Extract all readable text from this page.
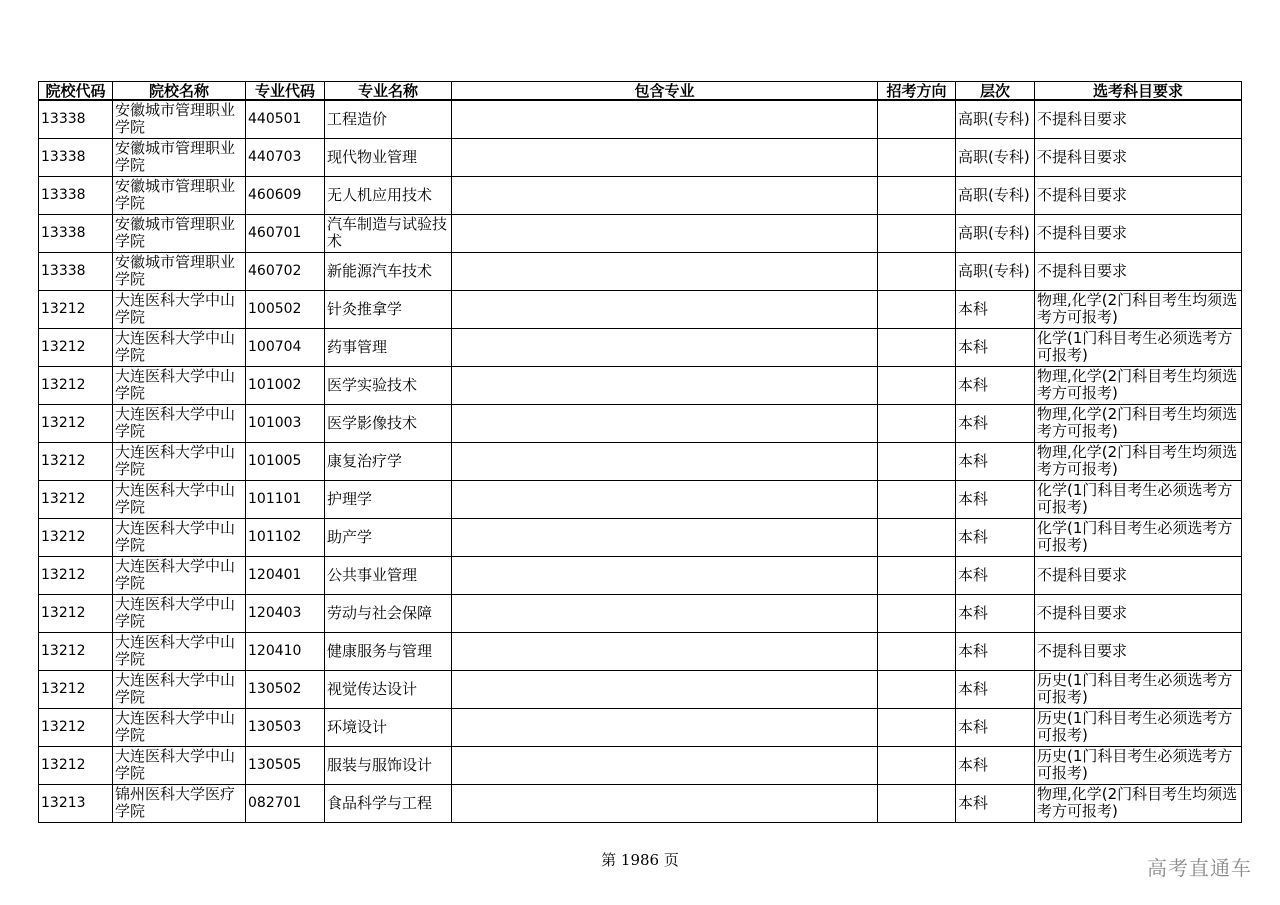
院校代码	院校名称	专业代码	专业名称	包含专业	招考方向	层次	选考科目要求
13338	安徽城市管理职业学院	440501	工程造价			高职(专科)	不提科目要求
13338	安徽城市管理职业学院	440703	现代物业管理			高职(专科)	不提科目要求
13338	安徽城市管理职业学院	460609	无人机应用技术			高职(专科)	不提科目要求
13338	安徽城市管理职业学院	460701	汽车制造与试验技术			高职(专科)	不提科目要求
13338	安徽城市管理职业学院	460702	新能源汽车技术			高职(专科)	不提科目要求
13212	大连医科大学中山学院	100502	针灸推拿学			本科	物理,化学(2门科目考生均须选考方可报考)
13212	大连医科大学中山学院	100704	药事管理			本科	化学(1门科目考生必须选考方可报考)
13212	大连医科大学中山学院	101002	医学实验技术			本科	物理,化学(2门科目考生均须选考方可报考)
13212	大连医科大学中山学院	101003	医学影像技术			本科	物理,化学(2门科目考生均须选考方可报考)
13212	大连医科大学中山学院	101005	康复治疗学			本科	物理,化学(2门科目考生均须选考方可报考)
13212	大连医科大学中山学院	101101	护理学			本科	化学(1门科目考生必须选考方可报考)
13212	大连医科大学中山学院	101102	助产学			本科	化学(1门科目考生必须选考方可报考)
13212	大连医科大学中山学院	120401	公共事业管理			本科	不提科目要求
13212	大连医科大学中山学院	120403	劳动与社会保障			本科	不提科目要求
13212	大连医科大学中山学院	120410	健康服务与管理			本科	不提科目要求
13212	大连医科大学中山学院	130502	视觉传达设计			本科	历史(1门科目考生必须选考方可报考)
13212	大连医科大学中山学院	130503	环境设计			本科	历史(1门科目考生必须选考方可报考)
13212	大连医科大学中山学院	130505	服装与服饰设计			本科	历史(1门科目考生必须选考方可报考)
13213	锦州医科大学医疗学院	082701	食品科学与工程			本科	物理,化学(2门科目考生均须选考方可报考)
第 1986 页	高考直通车
